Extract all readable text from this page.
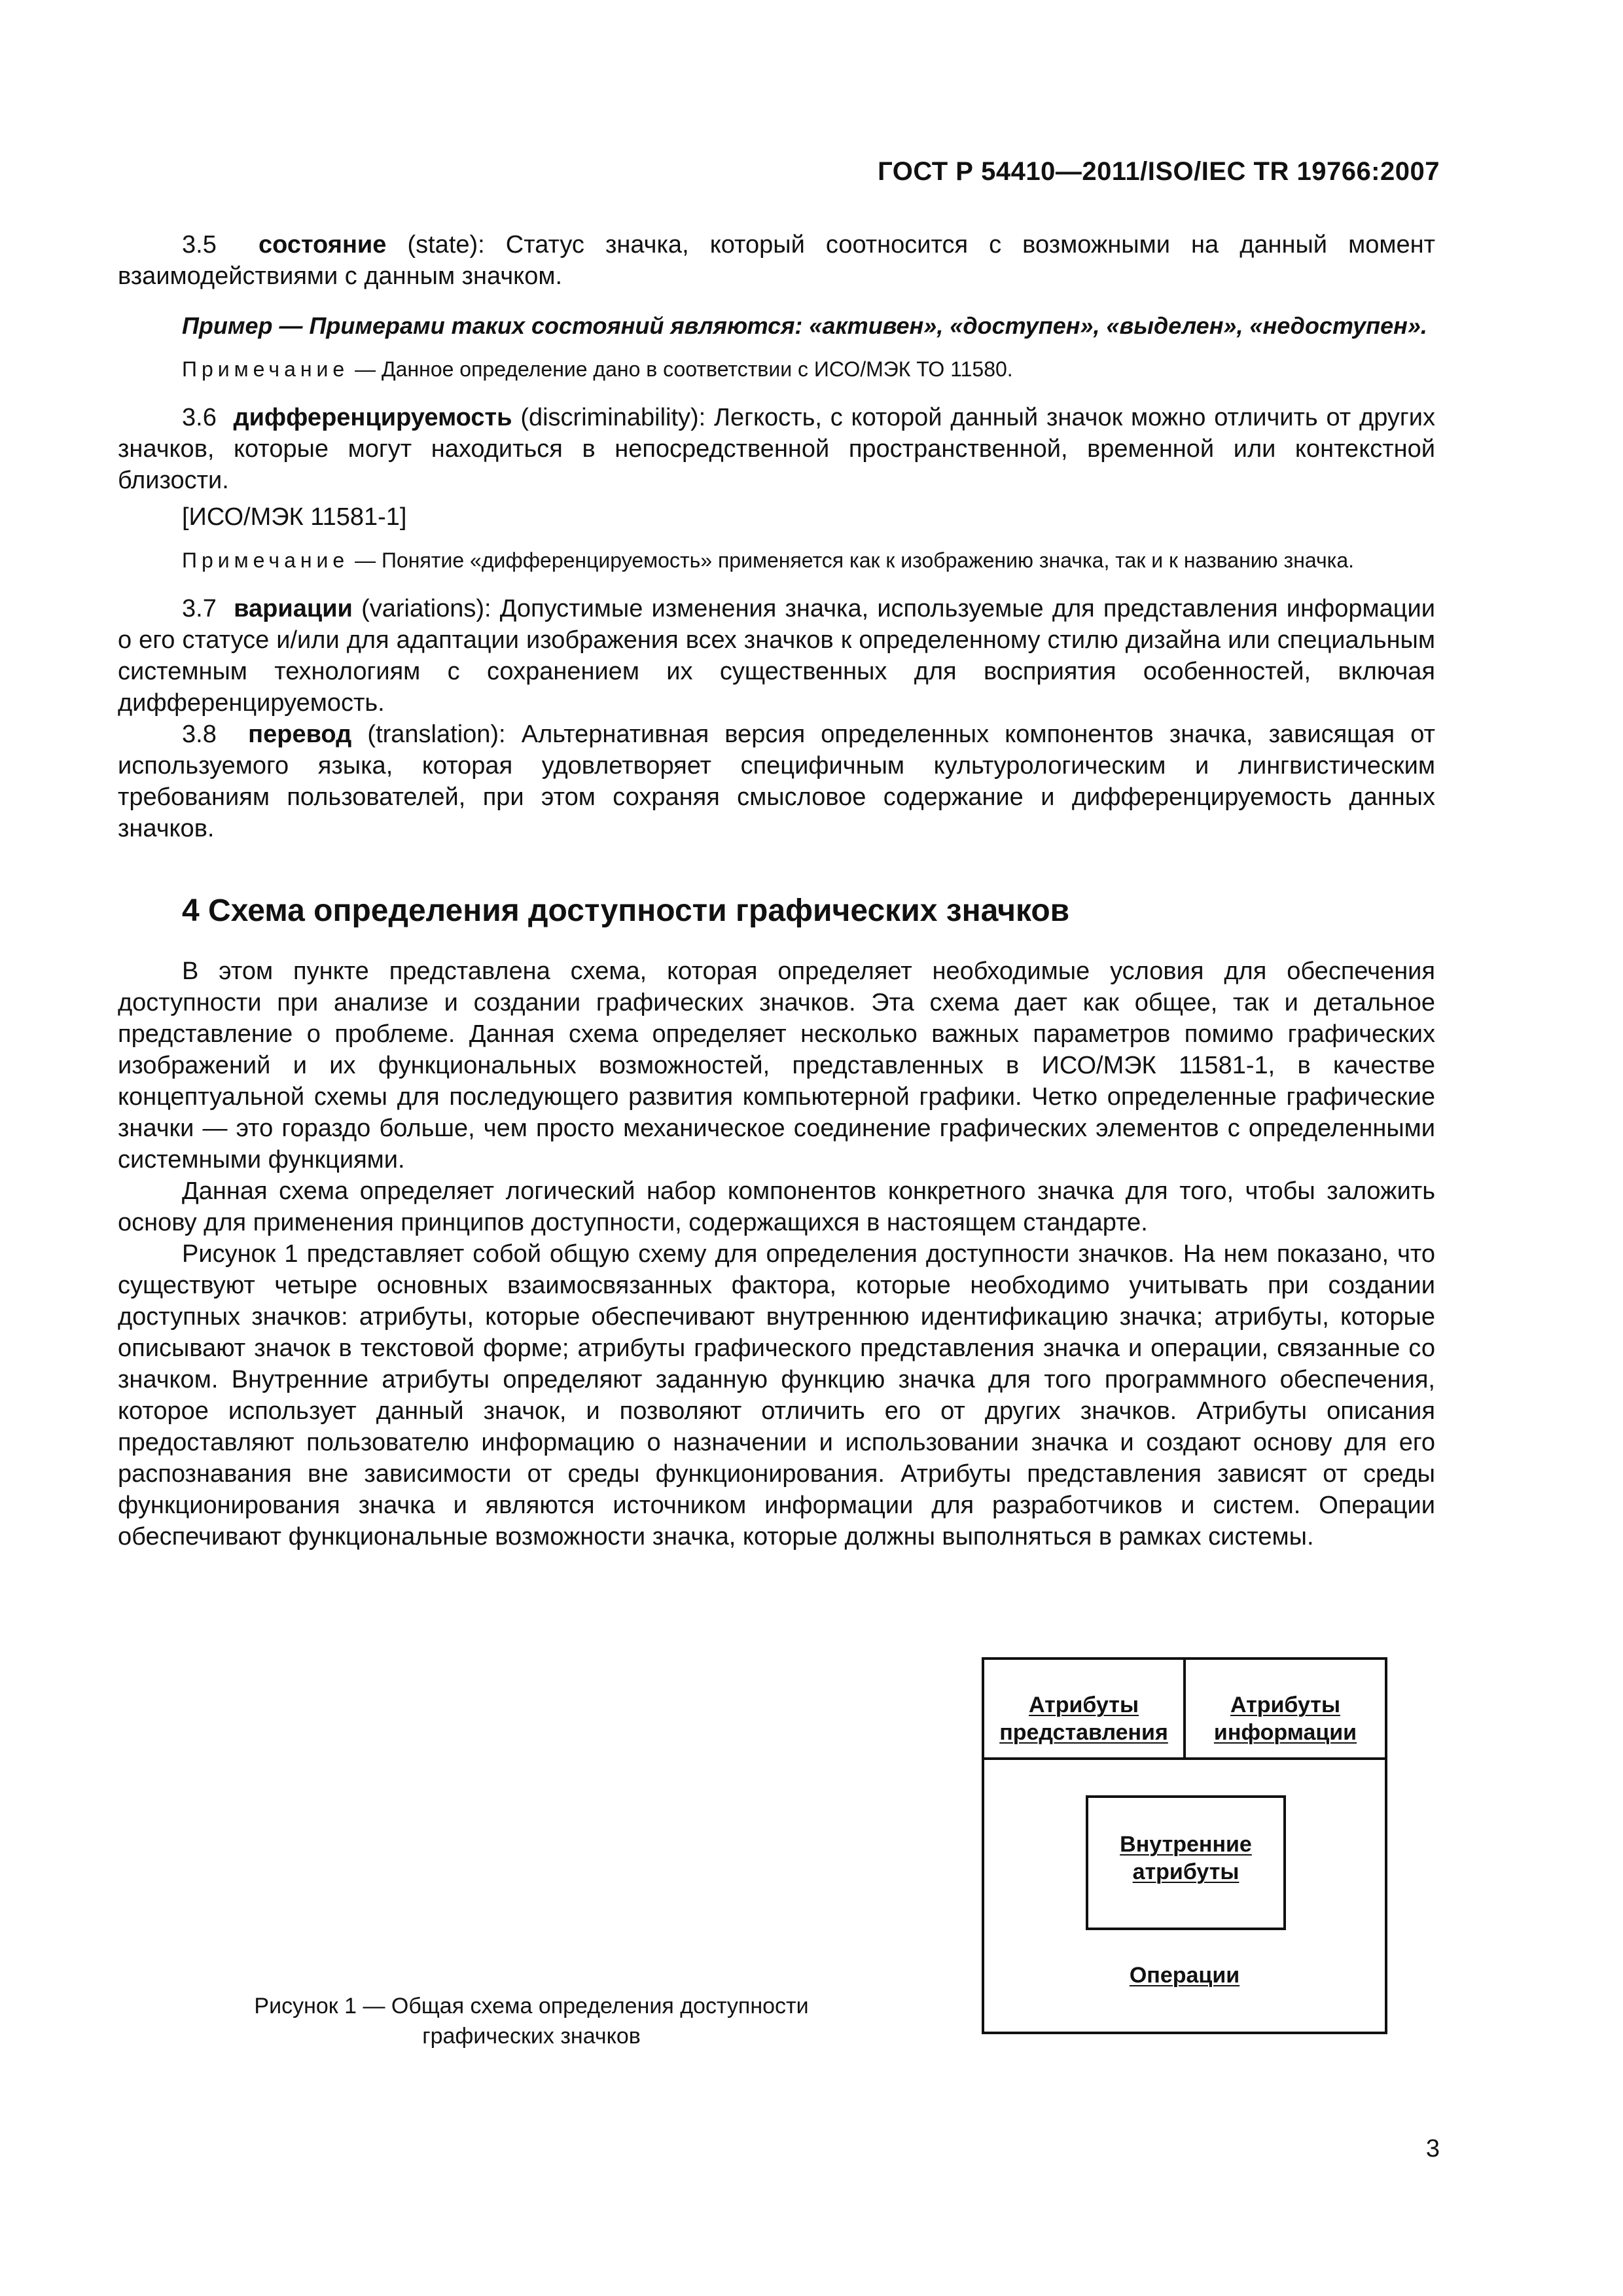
ГОСТ Р 54410—2011/ISO/IEC TR 19766:2007

3.5 состояние (state): Статус значка, который соотносится с возможными на данный момент взаимодействиями с данным значком.

Пример — Примерами таких состояний являются: «активен», «доступен», «выделен», «недоступен».

Примечание — Данное определение дано в соответствии с ИСО/МЭК ТО 11580.

3.6 дифференцируемость (discriminability): Легкость, с которой данный значок можно отличить от других значков, которые могут находиться в непосредственной пространственной, временной или контекстной близости.

[ИСО/МЭК 11581-1]

Примечание — Понятие «дифференцируемость» применяется как к изображению значка, так и к названию значка.

3.7 вариации (variations): Допустимые изменения значка, используемые для представления информации о его статусе и/или для адаптации изображения всех значков к определенному стилю дизайна или специальным системным технологиям с сохранением их существенных для восприятия особенностей, включая дифференцируемость.

3.8 перевод (translation): Альтернативная версия определенных компонентов значка, зависящая от используемого языка, которая удовлетворяет специфичным культурологическим и лингвистическим требованиям пользователей, при этом сохраняя смысловое содержание и дифференцируемость данных значков.

4 Схема определения доступности графических значков

В этом пункте представлена схема, которая определяет необходимые условия для обеспечения доступности при анализе и создании графических значков. Эта схема дает как общее, так и детальное представление о проблеме. Данная схема определяет несколько важных параметров помимо графических изображений и их функциональных возможностей, представленных в ИСО/МЭК 11581-1, в качестве концептуальной схемы для последующего развития компьютерной графики. Четко определенные графические значки — это гораздо больше, чем просто механическое соединение графических элементов с определенными системными функциями.

Данная схема определяет логический набор компонентов конкретного значка для того, чтобы заложить основу для применения принципов доступности, содержащихся в настоящем стандарте.

Рисунок 1 представляет собой общую схему для определения доступности значков. На нем показано, что существуют четыре основных взаимосвязанных фактора, которые необходимо учитывать при создании доступных значков: атрибуты, которые обеспечивают внутреннюю идентификацию значка; атрибуты, которые описывают значок в текстовой форме; атрибуты графического представления значка и операции, связанные со значком. Внутренние атрибуты определяют заданную функцию значка для того программного обеспечения, которое использует данный значок, и позволяют отличить его от других значков. Атрибуты описания предоставляют пользователю информацию о назначении и использовании значка и создают основу для его распознавания вне зависимости от среды функционирования. Атрибуты представления зависят от среды функционирования значка и являются источником информации для разработчиков и систем. Операции обеспечивают функциональные возможности значка, которые должны выполняться в рамках системы.

Атрибуты
представления
Атрибуты
информации
Внутренние
атрибуты
Операции
Рисунок 1 — Общая схема определения доступности
графических значков
3
